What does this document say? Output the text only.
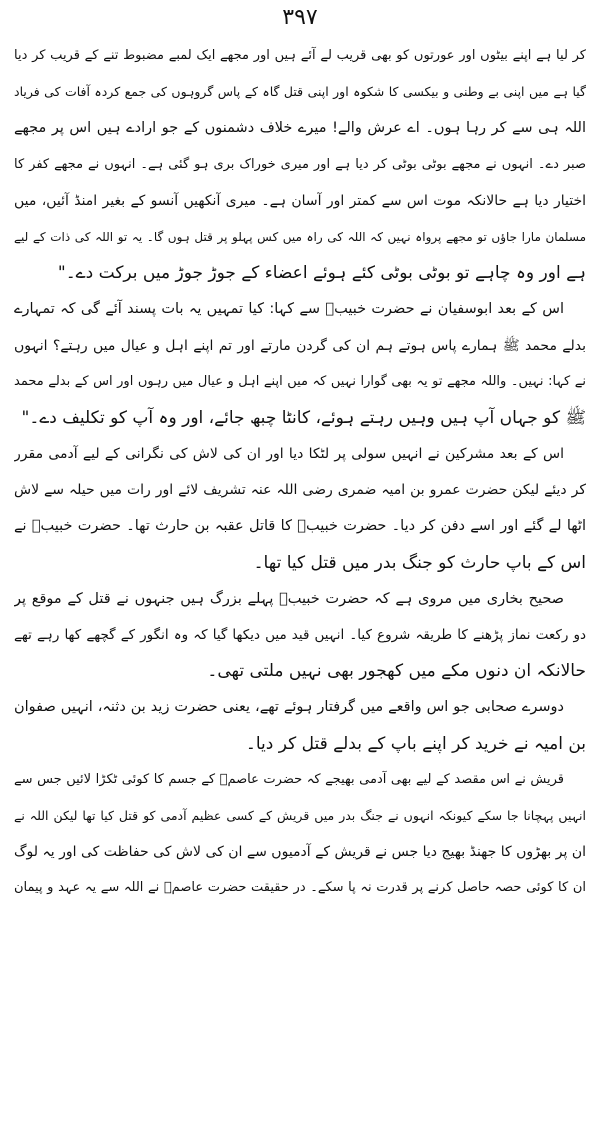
۳۹۷
کر لیا ہے اپنے بیٹوں اور عورتوں کو بھی قریب لے آئے ہیں اور مجھے ایک لمبے مضبوط تنے کے قریب کر دیا
گیا ہے میں اپنی بے وطنی و بیکسی کا شکوہ اور اپنی قتل گاہ کے پاس گروہوں کی جمع کردہ آفات کی فریاد
اللہ ہی سے کر رہا ہوں۔ اے عرش والے! میرے خلاف دشمنوں کے جو ارادے ہیں اس پر مجھے
صبر دے۔ انہوں نے مجھے بوٹی بوٹی کر دیا ہے اور میری خوراک بری ہو گئی ہے۔ انہوں نے مجھے کفر کا
اختیار دیا ہے حالانکہ موت اس سے کمتر اور آسان ہے۔ میری آنکھیں آنسو کے بغیر امنڈ آئیں، میں
مسلمان مارا جاؤں تو مجھے پرواہ نہیں کہ اللہ کی راہ میں کس پہلو پر قتل ہوں گا۔ یہ تو اللہ کی ذات کے لیے
ہے اور وہ چاہے تو بوٹی بوٹی کئے ہوئے اعضاء کے جوڑ جوڑ میں برکت دے۔"
اس کے بعد ابوسفیان نے حضرت خبیبؓ سے کہا: کیا تمہیں یہ بات پسند آئے گی کہ تمہارے
بدلے محمد ﷺ ہمارے پاس ہوتے ہم ان کی گردن مارتے اور تم اپنے اہل و عیال میں رہتے؟ انہوں
نے کہا: نہیں۔ واللہ مجھے تو یہ بھی گوارا نہیں کہ میں اپنے اہل و عیال میں رہوں اور اس کے بدلے محمد
ﷺ کو جہاں آپ ہیں وہیں رہتے ہوئے، کانٹا چبھ جائے، اور وہ آپ کو تکلیف دے۔"
اس کے بعد مشرکین نے انہیں سولی پر لٹکا دیا اور ان کی لاش کی نگرانی کے لیے آدمی مقرر
کر دیئے لیکن حضرت عمرو بن امیہ ضمری رضی اللہ عنہ تشریف لائے اور رات میں حیلہ سے لاش
اٹھا لے گئے اور اسے دفن کر دیا۔ حضرت خبیبؓ کا قاتل عقبہ بن حارث تھا۔ حضرت خبیبؓ نے
اس کے باپ حارث کو جنگ بدر میں قتل کیا تھا۔
صحیح بخاری میں مروی ہے کہ حضرت خبیبؓ پہلے بزرگ ہیں جنہوں نے قتل کے موقع پر
دو رکعت نماز پڑھنے کا طریقہ شروع کیا۔ انہیں قید میں دیکھا گیا کہ وہ انگور کے گچھے کھا رہے تھے
حالانکہ ان دنوں مکے میں کھجور بھی نہیں ملتی تھی۔
دوسرے صحابی جو اس واقعے میں گرفتار ہوئے تھے، یعنی حضرت زید بن دثنہ، انہیں صفوان
بن امیہ نے خرید کر اپنے باپ کے بدلے قتل کر دیا۔
قریش نے اس مقصد کے لیے بھی آدمی بھیجے کہ حضرت عاصمؓ کے جسم کا کوئی ٹکڑا لائیں جس سے
انہیں پہچانا جا سکے کیونکہ انہوں نے جنگ بدر میں قریش کے کسی عظیم آدمی کو قتل کیا تھا لیکن اللہ نے
ان پر بھڑوں کا جھنڈ بھیج دیا جس نے قریش کے آدمیوں سے ان کی لاش کی حفاظت کی اور یہ لوگ
ان کا کوئی حصہ حاصل کرنے پر قدرت نہ پا سکے۔ در حقیقت حضرت عاصمؓ نے اللہ سے یہ عہد و پیمان
